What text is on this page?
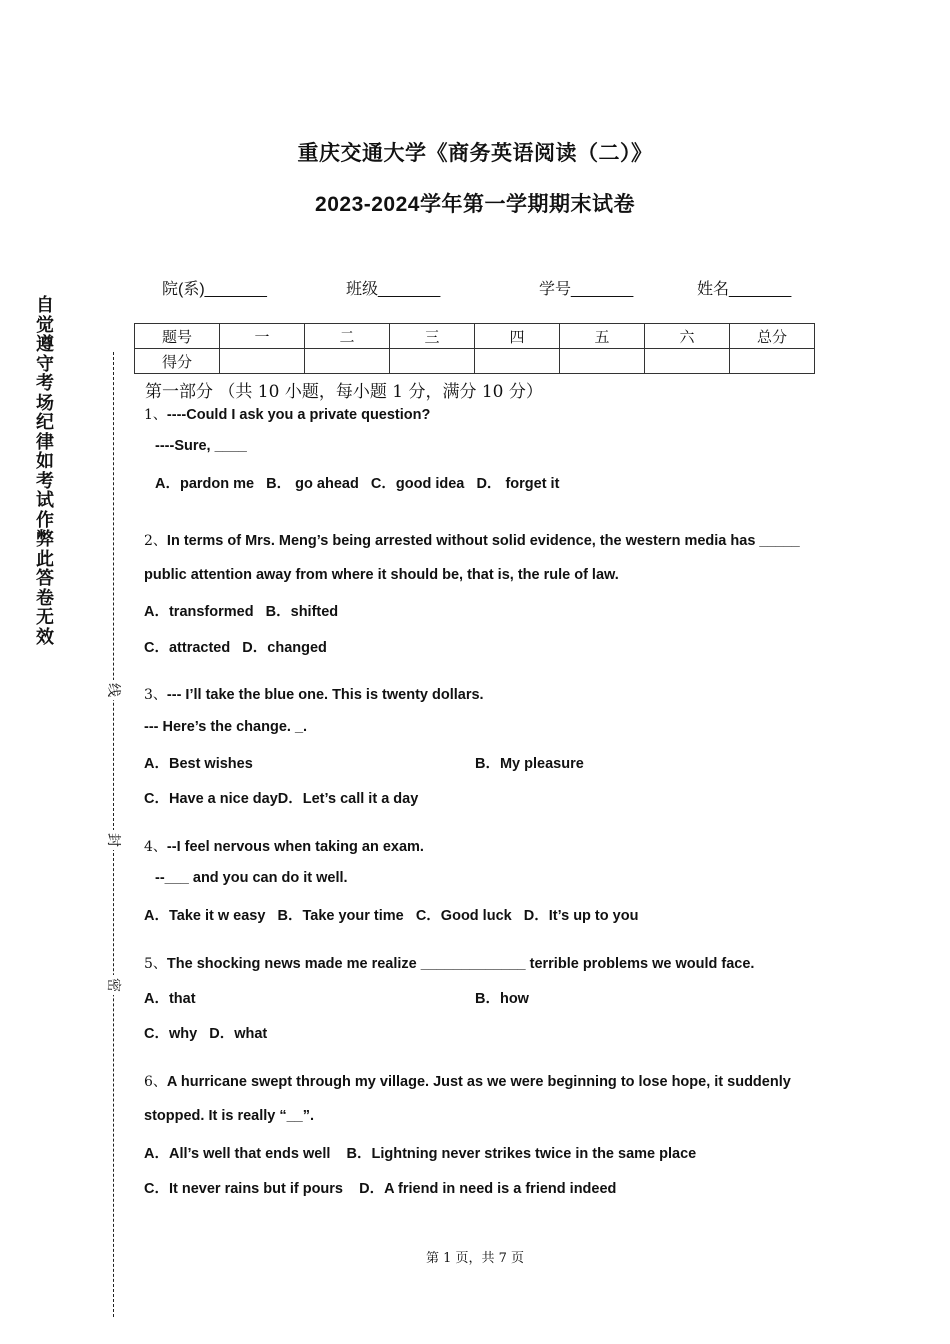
重庆交通大学《商务英语阅读（二）》
2023-2024学年第一学期期末试卷
院(系)_______	班级_______	学号_______	姓名_______
题号	一	二	三	四	五	六	总分
得分							
自觉遵守考场纪律如考试作弊此答卷无效
线
封
密
第一部分 （共 10 小题，每小题 1 分，满分 10 分）
1、----Could I ask you a private question?
----Sure, ____
A．pardon me   B． go ahead   C．good idea   D． forget it
2、In terms of Mrs. Meng’s being arrested without solid evidence, the western media has _____
public attention away from where it should be, that is, the rule of law.
A．transformed   B．shifted
C．attracted   D．changed
3、--- I’ll take the blue one. This is twenty dollars.
--- Here’s the change. _.
A．Best wishes	B．My pleasure
C．Have a nice dayD．Let’s call it a day
4、--I feel nervous when taking an exam.
--___ and you can do it well.
A．Take it w easy   B．Take your time   C．Good luck   D．It’s up to you
5、The shocking news made me realize _____________ terrible problems we would face.
A．that	B．how
C．why   D．what
6、A hurricane swept through my village. Just as we were beginning to lose hope, it suddenly
stopped. It is really “__”.
A．All’s well that ends well    B．Lightning never strikes twice in the same place
C．It never rains but if pours    D．A friend in need is a friend indeed
第 1 页，共 7 页
